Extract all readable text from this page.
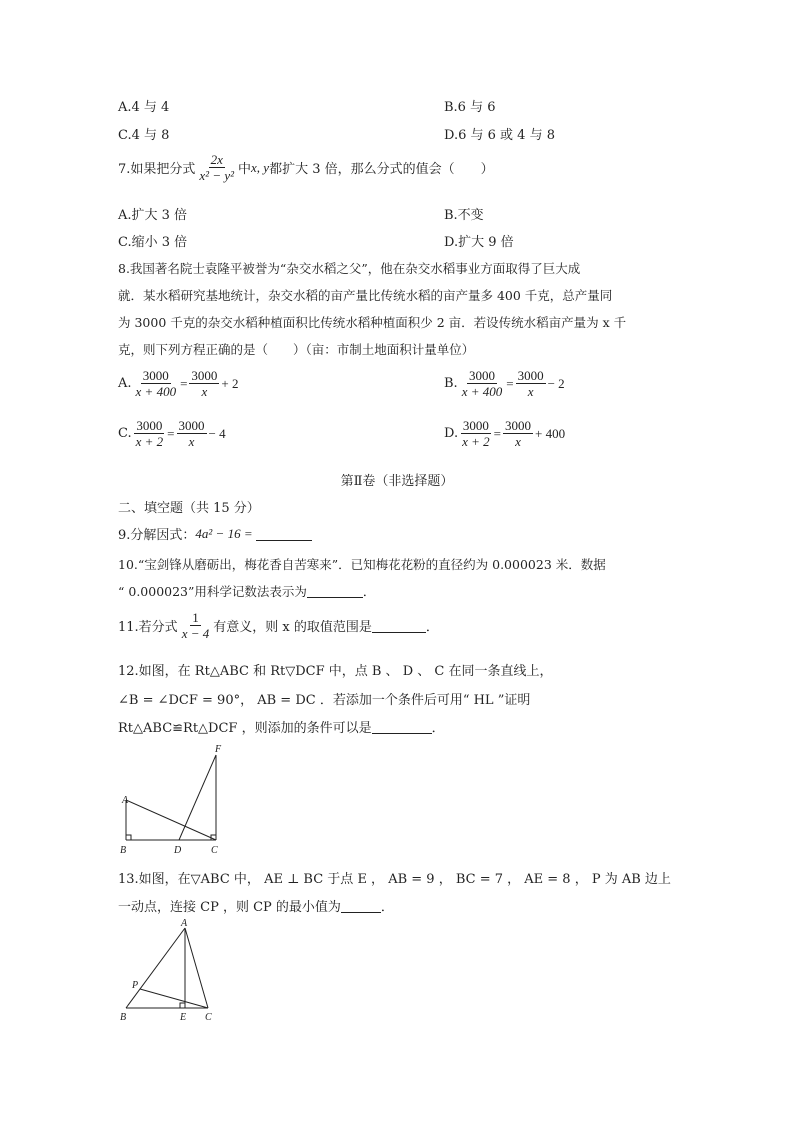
A.4 与 4	B.6 与 6
C.4 与 8	D.6 与 6 或 4 与 8
7.如果把分式 $\frac{2x}{\text{x² − y²}}$ 中 x, y 都扩大 3 倍，那么分式的值会（　　）
A.扩大 3 倍	B.不变
C.缩小 3 倍	D.扩大 9 倍
8.我国著名院士袁隆平被誉为“杂交水稻之父”，他在杂交水稻事业方面取得了巨大成
就．某水稻研究基地统计，杂交水稻的亩产量比传统水稻的亩产量多 400 千克，总产量同
为 3000 千克的杂交水稻种植面积比传统水稻种植面积少 2 亩．若设传统水稻亩产量为 x 千
克，则下列方程正确的是（　　）（亩：市制土地面积计量单位）
A. $\frac{3000}{x + 400} = \frac{3000}{x} + 2$	B. $\frac{3000}{x + 400} = \frac{3000}{x} - 2$
C. $\frac{3000}{x + 2} = \frac{3000}{x} - 4$	D. $\frac{3000}{x + 2} = \frac{3000}{x} + 400$
第Ⅱ卷（非选择题）
二、填空题（共 15 分）
9.分解因式： 4a² − 16 =
10.“宝剑锋从磨砺出，梅花香自苦寒来”．已知梅花花粉的直径约为 0.000023 米．数据
“ 0.000023”用科学记数法表示为	．
11.若分式 $\frac{1}{x - 4}$ 有意义，则 x 的取值范围是	．
12.如图，在 Rt△ABC 和 Rt▽DCF 中，点 B 、 D 、 C 在同一条直线上，
∠B = ∠DCF = 90°， AB = DC ．若添加一个条件后可用“ HL ”证明
Rt△ABC≌Rt△DCF ，则添加的条件可以是	．
F
A
B	D	C
13.如图，在▽ABC 中， AE ⊥ BC 于点 E ， AB = 9 ， BC = 7 ， AE = 8 ， P 为 AB 边上
一动点，连接 CP ，则 CP 的最小值为	．
A
P
B	E C
